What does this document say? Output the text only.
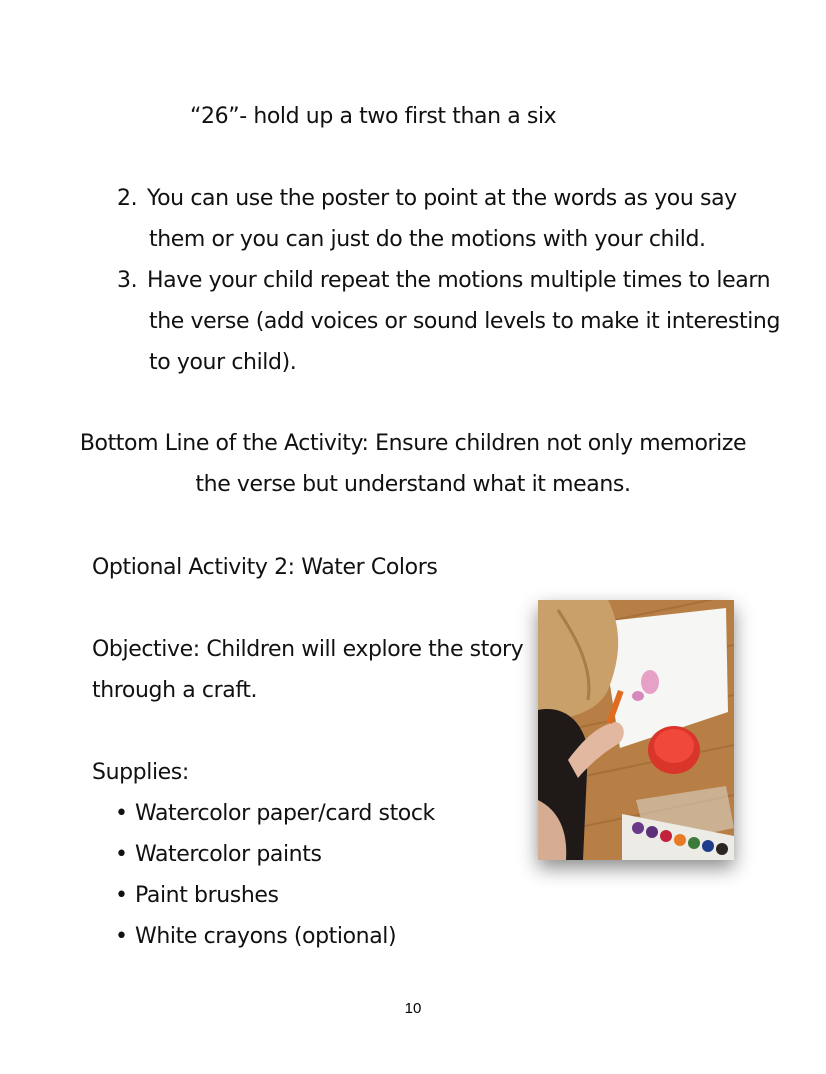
“26”- hold up a two first than a six
2. You can use the poster to point at the words as you say
them or you can just do the motions with your child.
3. Have your child repeat the motions multiple times to learn
the verse (add voices or sound levels to make it interesting
to your child).
Bottom Line of the Activity: Ensure children not only memorize
the verse but understand what it means.
Optional Activity 2: Water Colors
Objective: Children will explore the story
through a craft.
Supplies:
• Watercolor paper/card stock
• Watercolor paints
• Paint brushes
• White crayons (optional)
10
